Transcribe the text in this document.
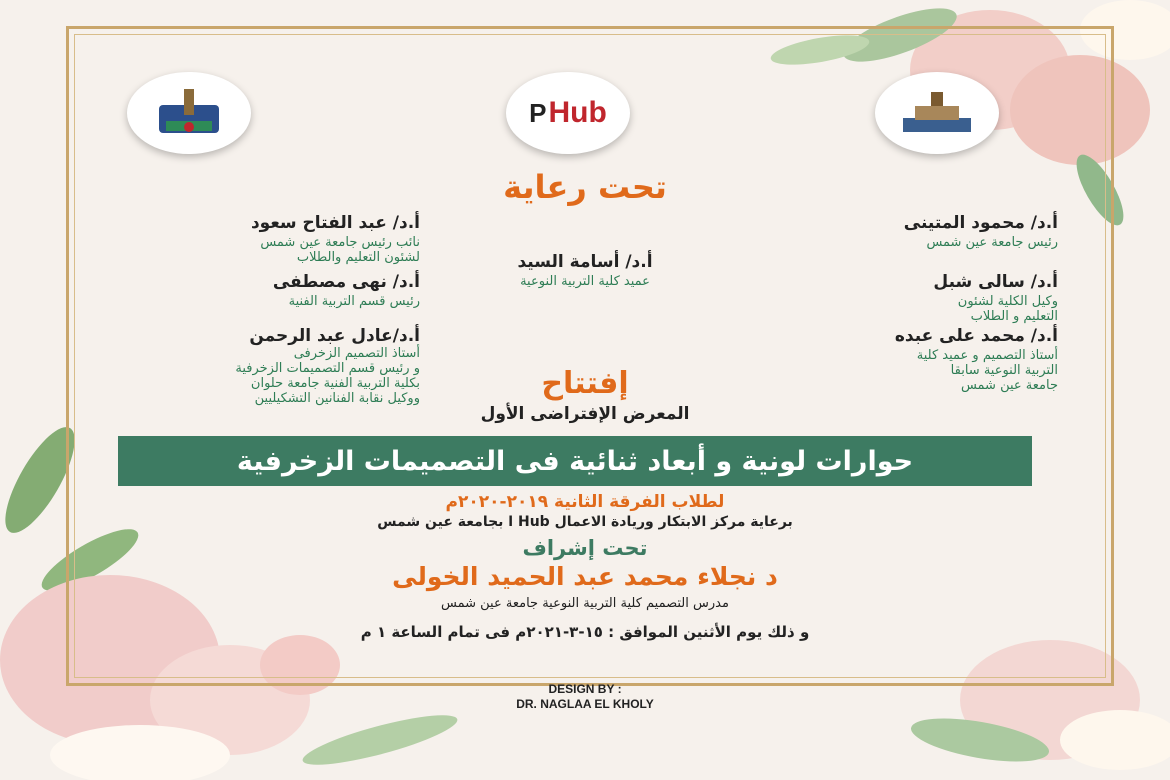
P Hub
تحت رعاية
أ.د/ محمود المتينى
رئيس جامعة عين شمس
أ.د/ سالى شبل
وكيل الكلية لشئون
التعليم و الطلاب
أ.د/ محمد على عبده
أستاذ التصميم و عميد كلية
التربية النوعية سابقا
جامعة عين شمس
أ.د/ أسامة السيد
عميد كلية التربية النوعية
أ.د/ عبد الفتاح سعود
نائب رئيس جامعة عين شمس
لشئون التعليم والطلاب
أ.د/ نهى مصطفى
رئيس قسم التربية الفنية
أ.د/عادل عبد الرحمن
أستاذ التصميم الزخرفى
و رئيس قسم التصميمات الزخرفية
بكلية التربية الفنية جامعة حلوان
ووكيل نقابة الفنانين التشكيليين	إفتتاح
المعرض الإفتراضى الأول
حوارات لونية و أبعاد ثنائية فى التصميمات الزخرفية
لطلاب الفرقة الثانية ٢٠١٩-٢٠٢٠م
برعاية مركز الابتكار وريادة الاعمال Hub ا بجامعة عين شمس
تحت إشراف
د نجلاء محمد عبد الحميد الخولى
مدرس التصميم كلية التربية النوعية جامعة عين شمس
و ذلك يوم الأثنين الموافق : ١٥-٣-٢٠٢١م فى تمام الساعة ١ م
DESIGN BY :
DR. NAGLAA EL KHOLY
